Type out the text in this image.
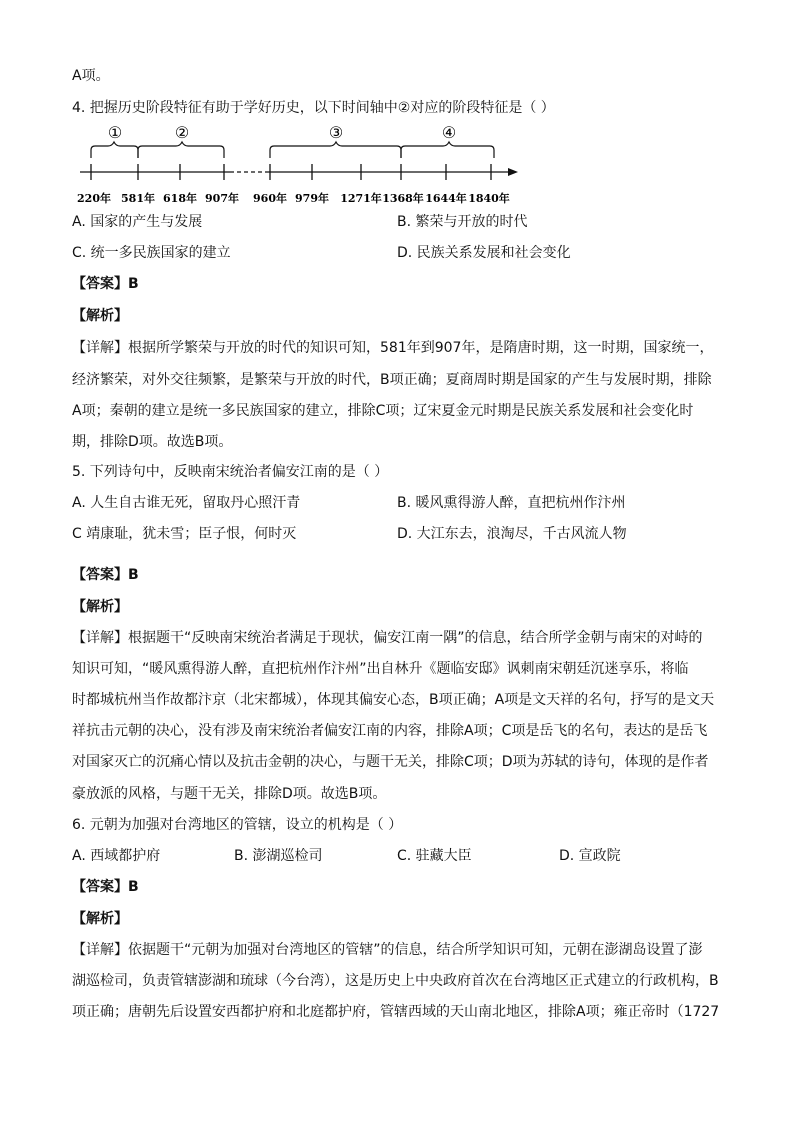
A项。
4. 把握历史阶段特征有助于学好历史，以下时间轴中②对应的阶段特征是（ ）
①	②	③	④
220年 581年 618年 907年 960年 979年 1271年 1368年 1644年 1840年
A. 国家的产生与发展	B. 繁荣与开放的时代
C. 统一多民族国家的建立	D. 民族关系发展和社会变化
【答案】B
【解析】
【详解】根据所学繁荣与开放的时代的知识可知，581年到907年，是隋唐时期，这一时期，国家统一，
经济繁荣，对外交往频繁，是繁荣与开放的时代，B项正确；夏商周时期是国家的产生与发展时期，排除
A项；秦朝的建立是统一多民族国家的建立，排除C项；辽宋夏金元时期是民族关系发展和社会变化时
期，排除D项。故选B项。
5. 下列诗句中，反映南宋统治者偏安江南的是（ ）
A. 人生自古谁无死，留取丹心照汗青	B. 暖风熏得游人醉，直把杭州作汴州
C 靖康耻，犹未雪；臣子恨，何时灭	D. 大江东去，浪淘尽，千古风流人物
【答案】B
【解析】
【详解】根据题干“反映南宋统治者满足于现状，偏安江南一隅”的信息，结合所学金朝与南宋的对峙的
知识可知，“暖风熏得游人醉，直把杭州作汴州”出自林升《题临安邸》讽刺南宋朝廷沉迷享乐，将临
时都城杭州当作故都汴京（北宋都城），体现其偏安心态，B项正确；A项是文天祥的名句，抒写的是文天
祥抗击元朝的决心，没有涉及南宋统治者偏安江南的内容，排除A项；C项是岳飞的名句，表达的是岳飞
对国家灭亡的沉痛心情以及抗击金朝的决心，与题干无关，排除C项；D项为苏轼的诗句，体现的是作者
豪放派的风格，与题干无关，排除D项。故选B项。
6. 元朝为加强对台湾地区的管辖，设立的机构是（ ）
A. 西域都护府	B. 澎湖巡检司	C. 驻藏大臣	D. 宣政院
【答案】B
【解析】
【详解】依据题干“元朝为加强对台湾地区的管辖”的信息，结合所学知识可知，元朝在澎湖岛设置了澎
湖巡检司，负责管辖澎湖和琉球（今台湾），这是历史上中央政府首次在台湾地区正式建立的行政机构，B
项正确；唐朝先后设置安西都护府和北庭都护府，管辖西域的天山南北地区，排除A项；雍正帝时（1727
